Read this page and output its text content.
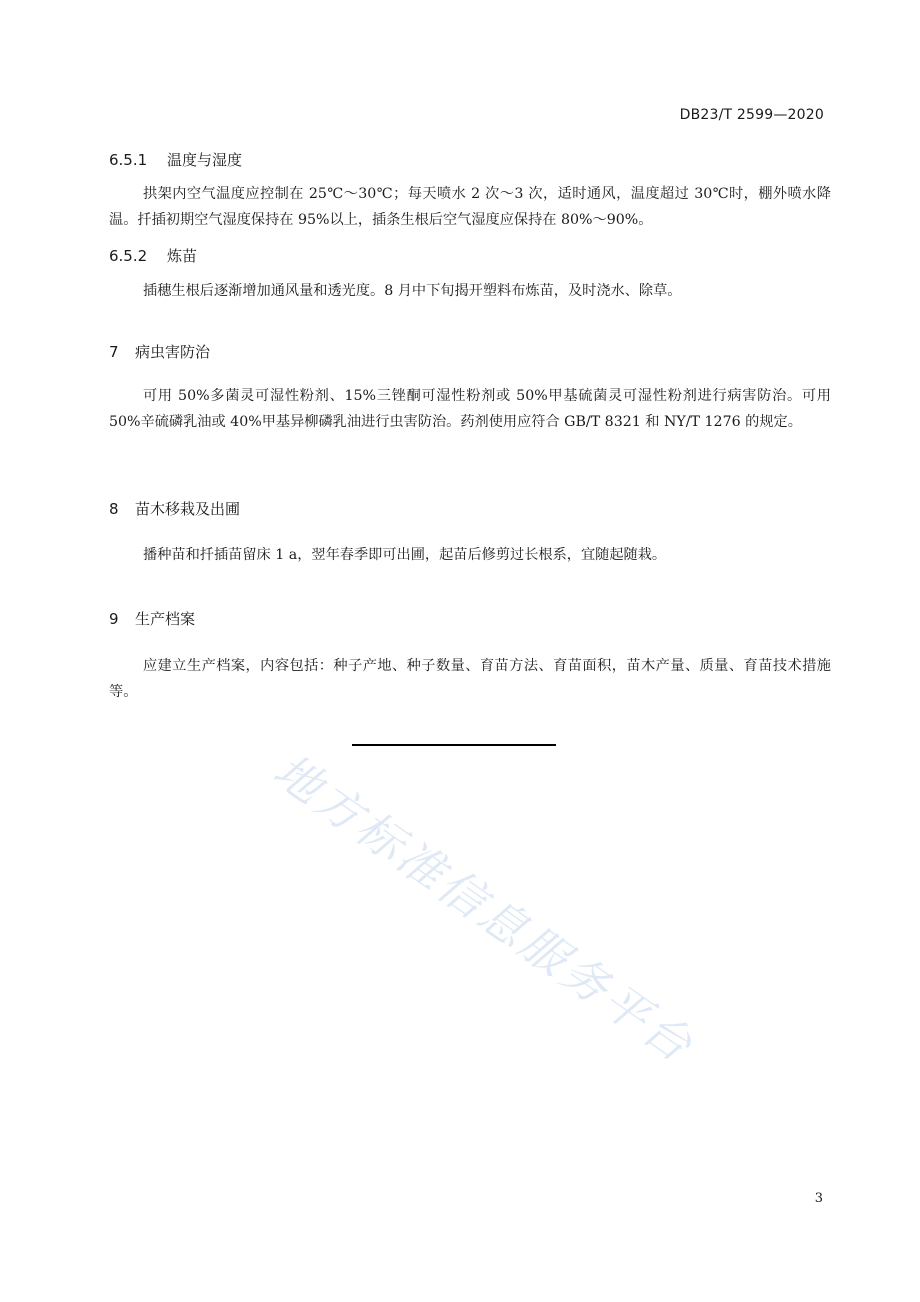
DB23/T 2599—2020
6.5.1 温度与湿度

拱架内空气温度应控制在 25℃～30℃；每天喷水 2 次～3 次，适时通风，温度超过 30℃时，棚外喷水降温。扦插初期空气湿度保持在 95%以上，插条生根后空气湿度应保持在 80%～90%。

6.5.2 炼苗

插穗生根后逐渐增加通风量和透光度。8 月中下旬揭开塑料布炼苗，及时浇水、除草。

7 病虫害防治

可用 50%多菌灵可湿性粉剂、15%三锉酮可湿性粉剂或 50%甲基硫菌灵可湿性粉剂进行病害防治。可用 50%辛硫磷乳油或 40%甲基异柳磷乳油进行虫害防治。药剂使用应符合 GB/T 8321 和 NY/T 1276 的规定。

8 苗木移栽及出圃

播种苗和扦插苗留床 1 a，翌年春季即可出圃，起苗后修剪过长根系，宜随起随栽。

9 生产档案

应建立生产档案，内容包括：种子产地、种子数量、育苗方法、育苗面积，苗木产量、质量、育苗技术措施等。

地方标准信息服务平台
3
